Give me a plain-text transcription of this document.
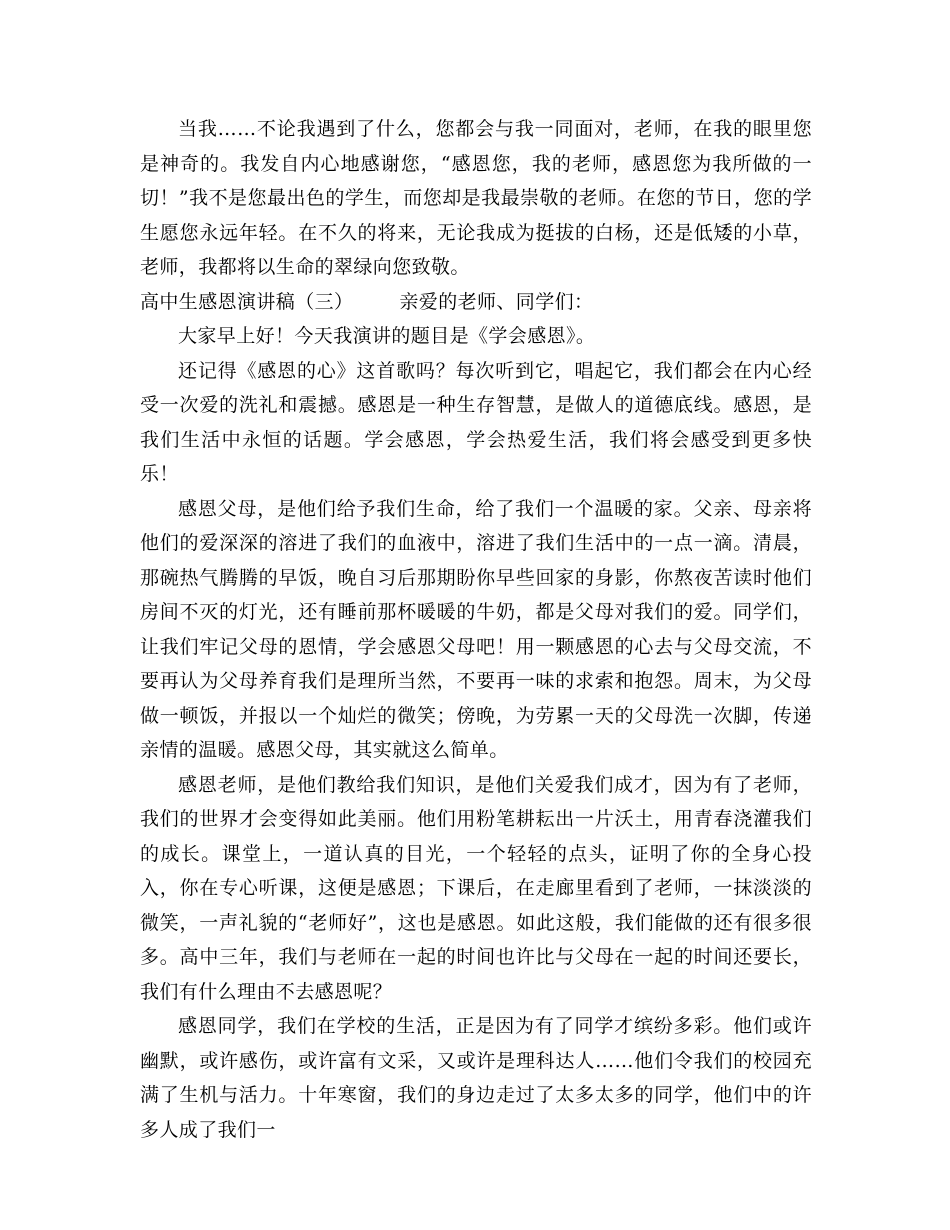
当我……不论我遇到了什么，您都会与我一同面对，老师，在我的眼里您是神奇的。我发自内心地感谢您，“感恩您，我的老师，感恩您为我所做的一切！”我不是您最出色的学生，而您却是我最崇敬的老师。在您的节日，您的学生愿您永远年轻。在不久的将来，无论我成为挺拔的白杨，还是低矮的小草，老师，我都将以生命的翠绿向您致敬。

高中生感恩演讲稿（三） 亲爱的老师、同学们：

大家早上好！今天我演讲的题目是《学会感恩》。

还记得《感恩的心》这首歌吗？每次听到它，唱起它，我们都会在内心经受一次爱的洗礼和震撼。感恩是一种生存智慧，是做人的道德底线。感恩，是我们生活中永恒的话题。学会感恩，学会热爱生活，我们将会感受到更多快乐！

感恩父母，是他们给予我们生命，给了我们一个温暖的家。父亲、母亲将他们的爱深深的溶进了我们的血液中，溶进了我们生活中的一点一滴。清晨，那碗热气腾腾的早饭，晚自习后那期盼你早些回家的身影，你熬夜苦读时他们房间不灭的灯光，还有睡前那杯暖暖的牛奶，都是父母对我们的爱。同学们，让我们牢记父母的恩情，学会感恩父母吧！用一颗感恩的心去与父母交流，不要再认为父母养育我们是理所当然，不要再一味的求索和抱怨。周末，为父母做一顿饭，并报以一个灿烂的微笑；傍晚，为劳累一天的父母洗一次脚，传递亲情的温暖。感恩父母，其实就这么简单。

感恩老师，是他们教给我们知识，是他们关爱我们成才，因为有了老师，我们的世界才会变得如此美丽。他们用粉笔耕耘出一片沃土，用青春浇灌我们的成长。课堂上，一道认真的目光，一个轻轻的点头，证明了你的全身心投入，你在专心听课，这便是感恩；下课后，在走廊里看到了老师，一抹淡淡的微笑，一声礼貌的“老师好”，这也是感恩。如此这般，我们能做的还有很多很多。高中三年，我们与老师在一起的时间也许比与父母在一起的时间还要长，我们有什么理由不去感恩呢？

感恩同学，我们在学校的生活，正是因为有了同学才缤纷多彩。他们或许幽默，或许感伤，或许富有文采，又或许是理科达人……他们令我们的校园充满了生机与活力。十年寒窗，我们的身边走过了太多太多的同学，他们中的许多人成了我们一
